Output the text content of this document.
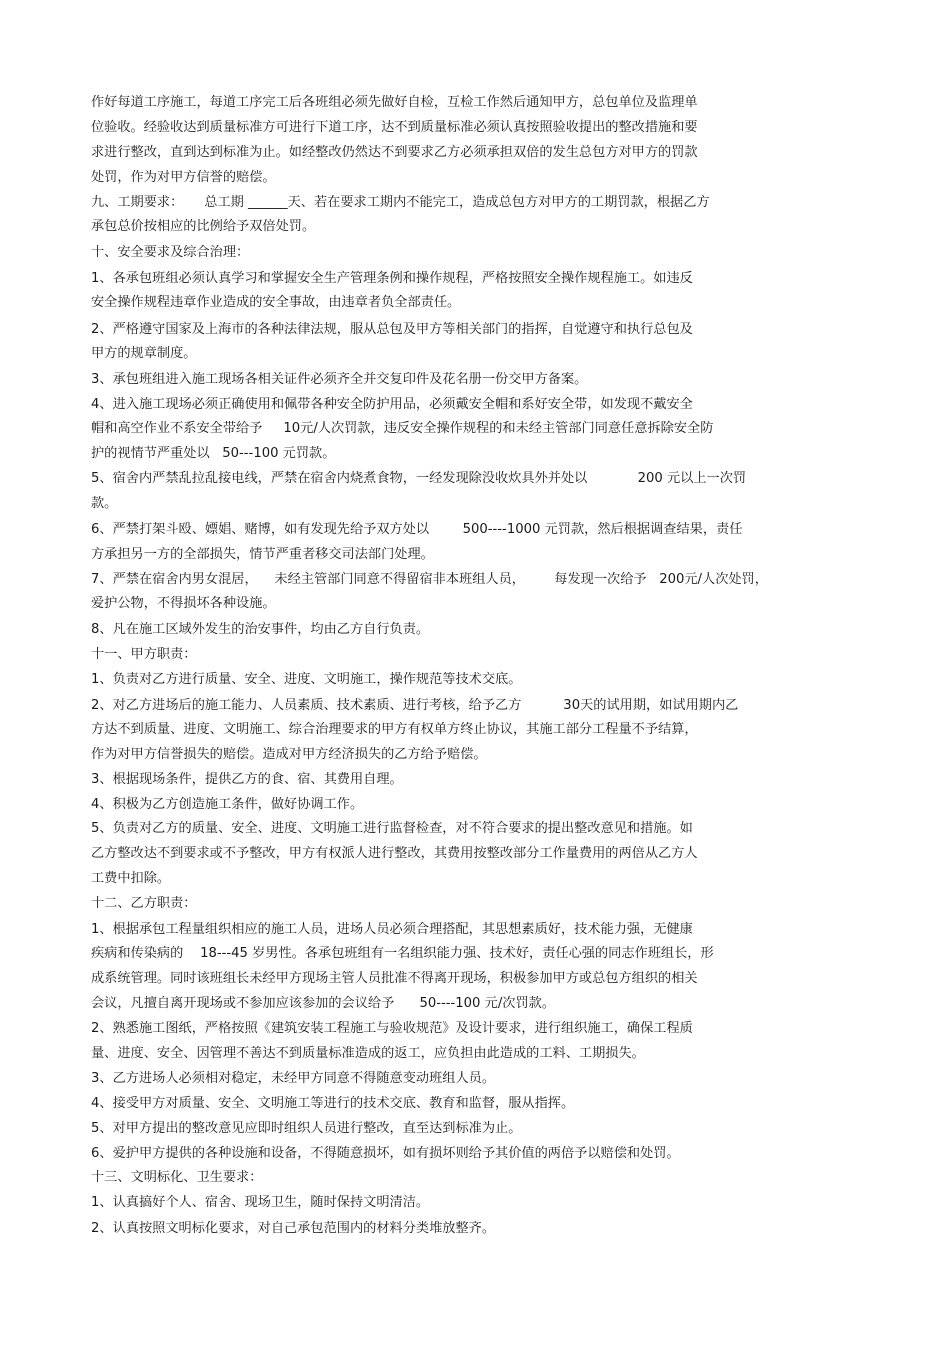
作好每道工序施工，每道工序完工后各班组必须先做好自检，互检工作然后通知甲方，总包单位及监理单

位验收。经验收达到质量标准方可进行下道工序，达不到质量标准必须认真按照验收提出的整改措施和要

求进行整改，直到达到标准为止。如经整改仍然达不到要求乙方必须承担双倍的发生总包方对甲方的罚款

处罚，作为对甲方信誉的赔偿。

九、工期要求：     总工期 ______天、若在要求工期内不能完工，造成总包方对甲方的工期罚款，根据乙方

承包总价按相应的比例给予双倍处罚。

十、安全要求及综合治理：

1、各承包班组必须认真学习和掌握安全生产管理条例和操作规程，严格按照安全操作规程施工。如违反

安全操作规程违章作业造成的安全事故，由违章者负全部责任。

2、严格遵守国家及上海市的各种法律法规，服从总包及甲方等相关部门的指挥，自觉遵守和执行总包及

甲方的规章制度。

3、承包班组进入施工现场各相关证件必须齐全并交复印件及花名册一份交甲方备案。

4、进入施工现场必须正确使用和佩带各种安全防护用品，必须戴安全帽和系好安全带，如发现不戴安全

帽和高空作业不系安全带给予     10元/人次罚款，违反安全操作规程的和未经主管部门同意任意拆除安全防

护的视情节严重处以   50---100 元罚款。

5、宿舍内严禁乱拉乱接电线，严禁在宿舍内烧煮食物，一经发现除没收炊具外并处以            200 元以上一次罚

款。

6、严禁打架斗殴、嫖娼、赌博，如有发现先给予双方处以        500----1000 元罚款，然后根据调查结果，责任

方承担另一方的全部损失，情节严重者移交司法部门处理。

7、严禁在宿舍内男女混居，    未经主管部门同意不得留宿非本班组人员，       每发现一次给予   200元/人次处罚，

爱护公物，不得损坏各种设施。

8、凡在施工区域外发生的治安事件，均由乙方自行负责。

十一、甲方职责：

1、负责对乙方进行质量、安全、进度、文明施工，操作规范等技术交底。

2、对乙方进场后的施工能力、人员素质、技术素质、进行考核，给予乙方          30天的试用期，如试用期内乙

方达不到质量、进度、文明施工、综合治理要求的甲方有权单方终止协议，其施工部分工程量不予结算，

作为对甲方信誉损失的赔偿。造成对甲方经济损失的乙方给予赔偿。

3、根据现场条件，提供乙方的食、宿、其费用自理。

4、积极为乙方创造施工条件，做好协调工作。

5、负责对乙方的质量、安全、进度、文明施工进行监督检查，对不符合要求的提出整改意见和措施。如

乙方整改达不到要求或不予整改，甲方有权派人进行整改，其费用按整改部分工作量费用的两倍从乙方人

工费中扣除。

十二、乙方职责：

1、根据承包工程量组织相应的施工人员，进场人员必须合理搭配，其思想素质好，技术能力强，无健康

疾病和传染病的    18---45 岁男性。各承包班组有一名组织能力强、技术好，责任心强的同志作班组长，形

成系统管理。同时该班组长未经甲方现场主管人员批准不得离开现场，积极参加甲方或总包方组织的相关

会议，凡擅自离开现场或不参加应该参加的会议给予      50----100 元/次罚款。

2、熟悉施工图纸，严格按照《建筑安装工程施工与验收规范》及设计要求，进行组织施工，确保工程质

量、进度、安全、因管理不善达不到质量标准造成的返工，应负担由此造成的工料、工期损失。

3、乙方进场人必须相对稳定，未经甲方同意不得随意变动班组人员。

4、接受甲方对质量、安全、文明施工等进行的技术交底、教育和监督，服从指挥。

5、对甲方提出的整改意见应即时组织人员进行整改，直至达到标准为止。

6、爱护甲方提供的各种设施和设备，不得随意损坏，如有损坏则给予其价值的两倍予以赔偿和处罚。

十三、文明标化、卫生要求：

1、认真搞好个人、宿舍、现场卫生，随时保持文明清洁。

2、认真按照文明标化要求，对自己承包范围内的材料分类堆放整齐。
